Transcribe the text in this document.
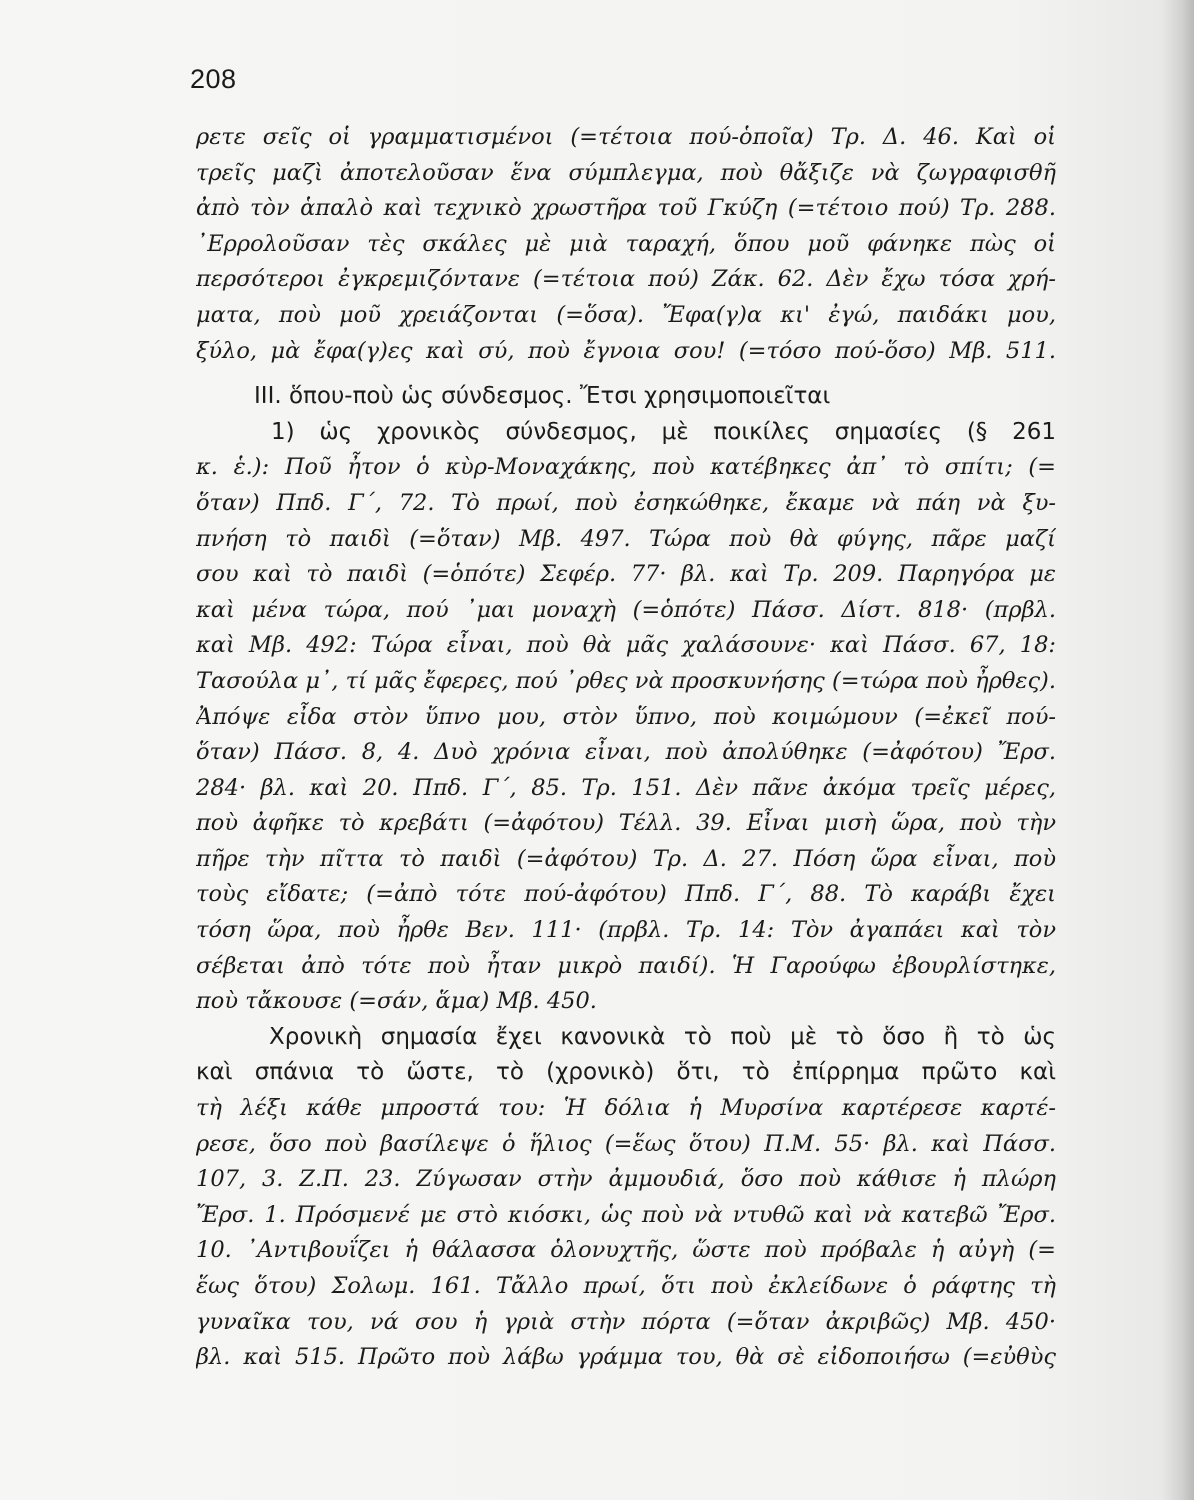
208
ρετε σεῖς οἱ γραμματισμένοι (=τέτοια πού-ὁποῖα) Τρ. Δ. 46. Καὶ οἱ
τρεῖς μαζὶ ἀποτελοῦσαν ἕνα σύμπλεγμα, ποὺ θἄξιζε νὰ ζωγραφισθῆ
ἀπὸ τὸν ἁπαλὸ καὶ τεχνικὸ χρωστῆρα τοῦ Γκύζη (=τέτοιο πού) Τρ. 288.
᾿Ερρολοῦσαν τὲς σκάλες μὲ μιὰ ταραχή, ὅπου μοῦ φάνηκε πὼς οἱ
περσότεροι ἐγκρεμιζόντανε (=τέτοια πού) Ζάκ. 62. Δὲν ἔχω τόσα χρή-
ματα, ποὺ μοῦ χρειάζονται (=ὅσα). Ἔφα(γ)α κι' ἐγώ, παιδάκι μου,
ξύλο, μὰ ἔφα(γ)ες καὶ σύ, ποὺ ἔγνοια σου! (=τόσο πού-ὅσο) Μβ. 511.
ΙΙΙ. ὅπου-ποὺ ὡς σύνδεσμος. Ἔτσι χρησιμοποιεῖται
1) ὡς χρονικὸς σύνδεσμος, μὲ ποικίλες σημασίες (§ 261
κ. ἑ.): Ποῦ ἦτον ὁ κὺρ-Μοναχάκης, ποὺ κατέβηκες ἀπ᾿ τὸ σπίτι; (=
ὅταν) Ππδ. Γ΄, 72. Τὸ πρωί, ποὺ ἐσηκώθηκε, ἔκαμε νὰ πάη νὰ ξυ-
πνήση τὸ παιδὶ (=ὅταν) Μβ. 497. Τώρα ποὺ θὰ φύγης, πᾶρε μαζί
σου καὶ τὸ παιδὶ (=ὁπότε) Σεφέρ. 77· βλ. καὶ Τρ. 209. Παρηγόρα με
καὶ μένα τώρα, πού ᾿μαι μοναχὴ (=ὁπότε) Πάσσ. Δίστ. 818· (πρβλ.
καὶ Μβ. 492: Τώρα εἶναι, ποὺ θὰ μᾶς χαλάσουνε· καὶ Πάσσ. 67, 18:
Τασούλα μ᾿, τί μᾶς ἔφερες, πού ᾿ρθες νὰ προσκυνήσης (=τώρα ποὺ ἦρθες).
Ἀπόψε εἶδα στὸν ὕπνο μου, στὸν ὕπνο, ποὺ κοιμώμουν (=ἐκεῖ πού-
ὅταν) Πάσσ. 8, 4. Δυὸ χρόνια εἶναι, ποὺ ἀπολύθηκε (=ἀφότου) Ἔρσ.
284· βλ. καὶ 20. Ππδ. Γ΄, 85. Τρ. 151. Δὲν πᾶνε ἀκόμα τρεῖς μέρες,
ποὺ ἀφῆκε τὸ κρεβάτι (=ἀφότου) Τέλλ. 39. Εἶναι μισὴ ὥρα, ποὺ τὴν
πῆρε τὴν πῖττα τὸ παιδὶ (=ἀφότου) Τρ. Δ. 27. Πόση ὥρα εἶναι, ποὺ
τοὺς εἴδατε; (=ἀπὸ τότε πού-ἀφότου) Ππδ. Γ΄, 88. Τὸ καράβι ἔχει
τόση ὥρα, ποὺ ἦρθε Βεν. 111· (πρβλ. Τρ. 14: Τὸν ἀγαπάει καὶ τὸν
σέβεται ἀπὸ τότε ποὺ ἦταν μικρὸ παιδί). Ἡ Γαρούφω ἐβουρλίστηκε,
ποὺ τἄκουσε (=σάν, ἅμα) Μβ. 450.
Χρονικὴ σημασία ἔχει κανονικὰ τὸ ποὺ μὲ τὸ ὅσο ἢ τὸ ὡς
καὶ σπάνια τὸ ὥστε, τὸ (χρονικὸ) ὅτι, τὸ ἐπίρρημα πρῶτο καὶ
τὴ λέξι κάθε μπροστά του: Ἡ δόλια ἡ Μυρσίνα καρτέρεσε καρτέ-
ρεσε, ὅσο ποὺ βασίλεψε ὁ ἥλιος (=ἕως ὅτου) Π.Μ. 55· βλ. καὶ Πάσσ.
107, 3. Ζ.Π. 23. Ζύγωσαν στὴν ἀμμουδιά, ὅσο ποὺ κάθισε ἡ πλώρη
Ἔρσ. 1. Πρόσμενέ με στὸ κιόσκι, ὡς ποὺ νὰ ντυθῶ καὶ νὰ κατεβῶ Ἔρσ.
10. ᾿Αντιβουΐζει ἡ θάλασσα ὁλονυχτῆς, ὥστε ποὺ πρόβαλε ἡ αὐγὴ (=
ἕως ὅτου) Σολωμ. 161. Τἄλλο πρωί, ὅτι ποὺ ἐκλείδωνε ὁ ράφτης τὴ
γυναῖκα του, νά σου ἡ γριὰ στὴν πόρτα (=ὅταν ἀκριβῶς) Μβ. 450·
βλ. καὶ 515. Πρῶτο ποὺ λάβω γράμμα του, θὰ σὲ εἰδοποιήσω (=εὐθὺς
